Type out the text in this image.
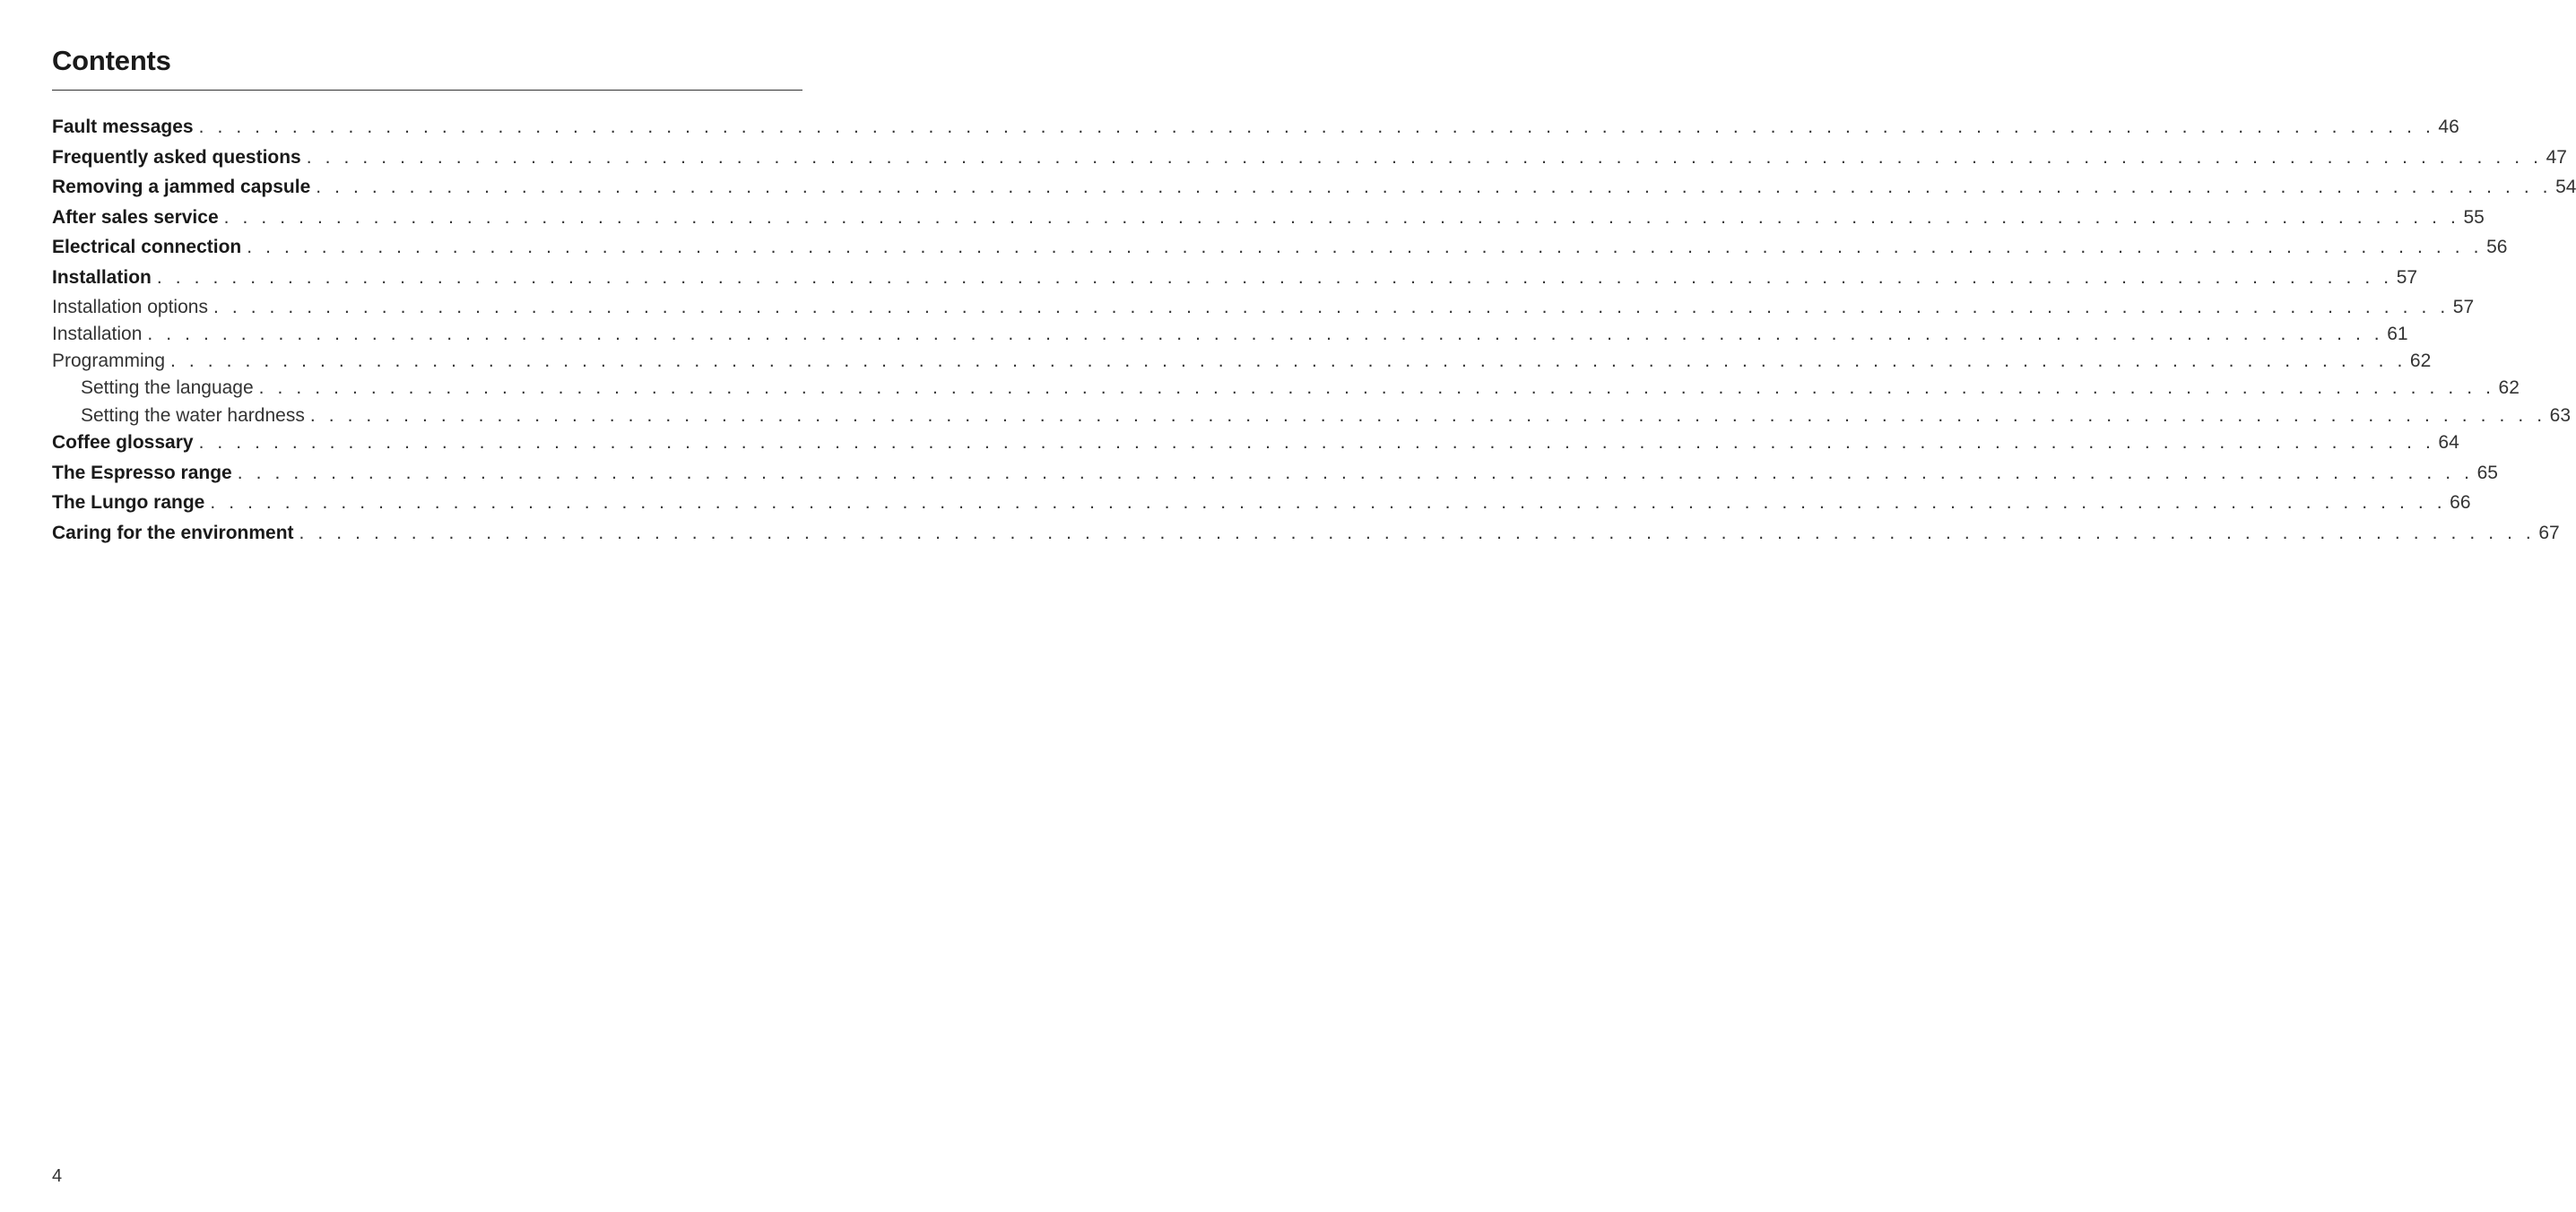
Contents
Fault messages . . . . . . . . . . . . . . . . . . . . . . . . . . . . . . . . . . . . . . . . . . . . . . . . . . . . . . . . . . . . . . . . . . . . . . . . . . . . . . . . . . . . . . . . . . . . . . . . . . . . . . . . . . . . . . . . . . . . . . . . 46
Frequently asked questions . . . . . . . . . . . . . . . . . . . . . . . . . . . . . . . . . . . . . . . . . . . . . . . . . . . . . . . . . . . . . . . . . . . . . . . . . . . . . . . . . . . . . . . . . . . . . . . . . . . . . . . . . . . . . . . . . . . . . . . . 47
Removing a jammed capsule . . . . . . . . . . . . . . . . . . . . . . . . . . . . . . . . . . . . . . . . . . . . . . . . . . . . . . . . . . . . . . . . . . . . . . . . . . . . . . . . . . . . . . . . . . . . . . . . . . . . . . . . . . . . . . . . . . . . . . . . 54
After sales service . . . . . . . . . . . . . . . . . . . . . . . . . . . . . . . . . . . . . . . . . . . . . . . . . . . . . . . . . . . . . . . . . . . . . . . . . . . . . . . . . . . . . . . . . . . . . . . . . . . . . . . . . . . . . . . . . . . . . . . . 55
Electrical connection . . . . . . . . . . . . . . . . . . . . . . . . . . . . . . . . . . . . . . . . . . . . . . . . . . . . . . . . . . . . . . . . . . . . . . . . . . . . . . . . . . . . . . . . . . . . . . . . . . . . . . . . . . . . . . . . . . . . . . . . 56
Installation . . . . . . . . . . . . . . . . . . . . . . . . . . . . . . . . . . . . . . . . . . . . . . . . . . . . . . . . . . . . . . . . . . . . . . . . . . . . . . . . . . . . . . . . . . . . . . . . . . . . . . . . . . . . . . . . . . . . . . . . 57
Installation options . . . . . . . . . . . . . . . . . . . . . . . . . . . . . . . . . . . . . . . . . . . . . . . . . . . . . . . . . . . . . . . . . . . . . . . . . . . . . . . . . . . . . . . . . . . . . . . . . . . . . . . . . . . . . . . . . . . . . . . . 57
Installation . . . . . . . . . . . . . . . . . . . . . . . . . . . . . . . . . . . . . . . . . . . . . . . . . . . . . . . . . . . . . . . . . . . . . . . . . . . . . . . . . . . . . . . . . . . . . . . . . . . . . . . . . . . . . . . . . . . . . . . . 61
Programming . . . . . . . . . . . . . . . . . . . . . . . . . . . . . . . . . . . . . . . . . . . . . . . . . . . . . . . . . . . . . . . . . . . . . . . . . . . . . . . . . . . . . . . . . . . . . . . . . . . . . . . . . . . . . . . . . . . . . . . . 62
Setting the language . . . . . . . . . . . . . . . . . . . . . . . . . . . . . . . . . . . . . . . . . . . . . . . . . . . . . . . . . . . . . . . . . . . . . . . . . . . . . . . . . . . . . . . . . . . . . . . . . . . . . . . . . . . . . . . . . . . . . . . . 62
Setting the water hardness . . . . . . . . . . . . . . . . . . . . . . . . . . . . . . . . . . . . . . . . . . . . . . . . . . . . . . . . . . . . . . . . . . . . . . . . . . . . . . . . . . . . . . . . . . . . . . . . . . . . . . . . . . . . . . . . . . . . . . . . 63
Coffee glossary . . . . . . . . . . . . . . . . . . . . . . . . . . . . . . . . . . . . . . . . . . . . . . . . . . . . . . . . . . . . . . . . . . . . . . . . . . . . . . . . . . . . . . . . . . . . . . . . . . . . . . . . . . . . . . . . . . . . . . . . 64
The Espresso range . . . . . . . . . . . . . . . . . . . . . . . . . . . . . . . . . . . . . . . . . . . . . . . . . . . . . . . . . . . . . . . . . . . . . . . . . . . . . . . . . . . . . . . . . . . . . . . . . . . . . . . . . . . . . . . . . . . . . . . . 65
The Lungo range . . . . . . . . . . . . . . . . . . . . . . . . . . . . . . . . . . . . . . . . . . . . . . . . . . . . . . . . . . . . . . . . . . . . . . . . . . . . . . . . . . . . . . . . . . . . . . . . . . . . . . . . . . . . . . . . . . . . . . . . 66
Caring for the environment . . . . . . . . . . . . . . . . . . . . . . . . . . . . . . . . . . . . . . . . . . . . . . . . . . . . . . . . . . . . . . . . . . . . . . . . . . . . . . . . . . . . . . . . . . . . . . . . . . . . . . . . . . . . . . . . . . . . . . . . 67
4
